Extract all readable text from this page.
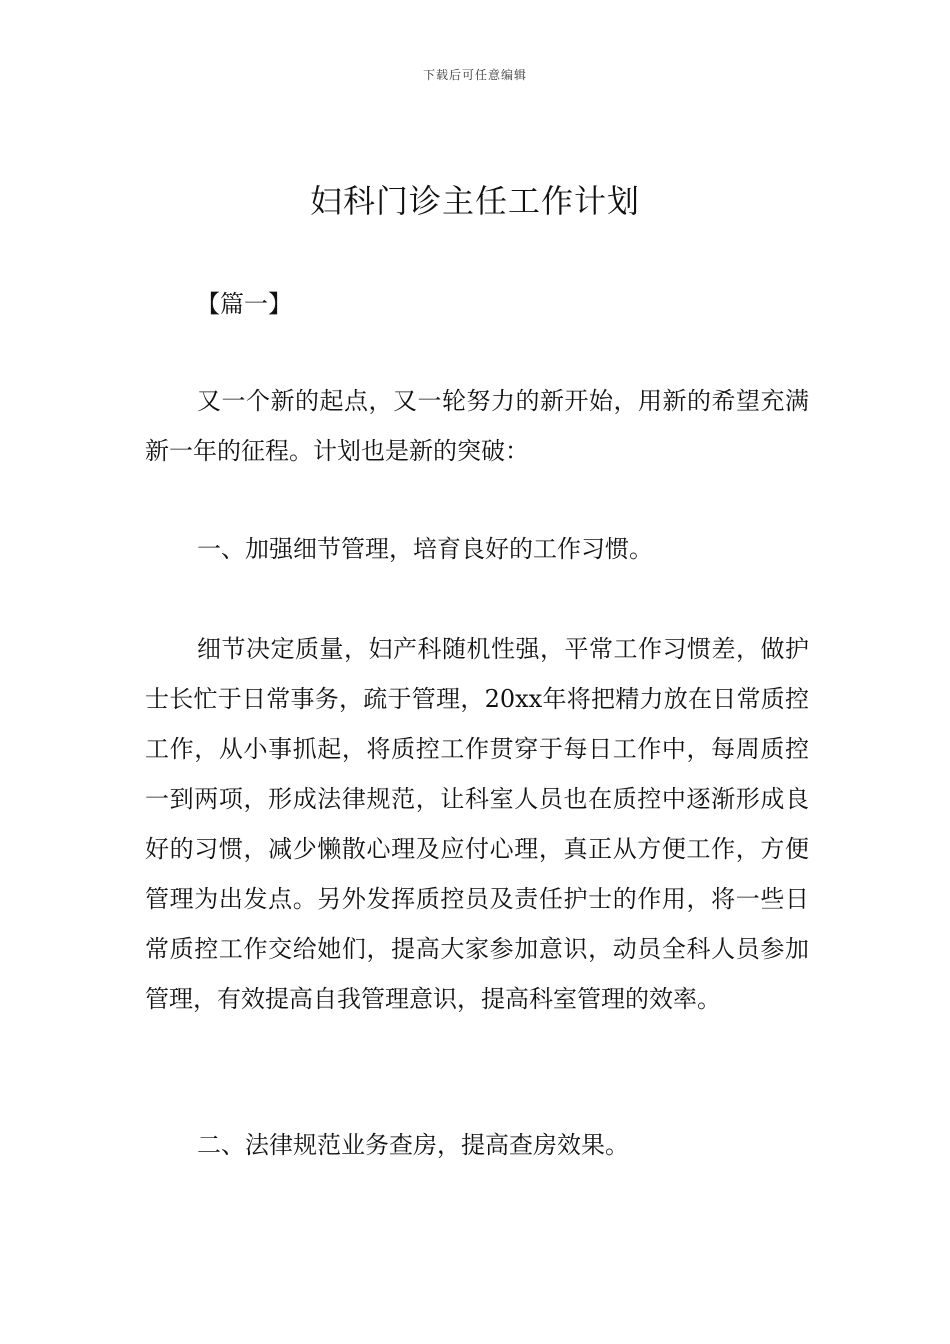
下载后可任意编辑
妇科门诊主任工作计划
【篇一】

又一个新的起点，又一轮努力的新开始，用新的希望充满新一年的征程。计划也是新的突破：

一、加强细节管理，培育良好的工作习惯。

细节决定质量，妇产科随机性强，平常工作习惯差，做护士长忙于日常事务，疏于管理，20xx年将把精力放在日常质控工作，从小事抓起，将质控工作贯穿于每日工作中，每周质控一到两项，形成法律规范，让科室人员也在质控中逐渐形成良好的习惯，减少懒散心理及应付心理，真正从方便工作，方便管理为出发点。另外发挥质控员及责任护士的作用，将一些日常质控工作交给她们，提高大家参加意识，动员全科人员参加管理，有效提高自我管理意识，提高科室管理的效率。

二、法律规范业务查房，提高查房效果。
